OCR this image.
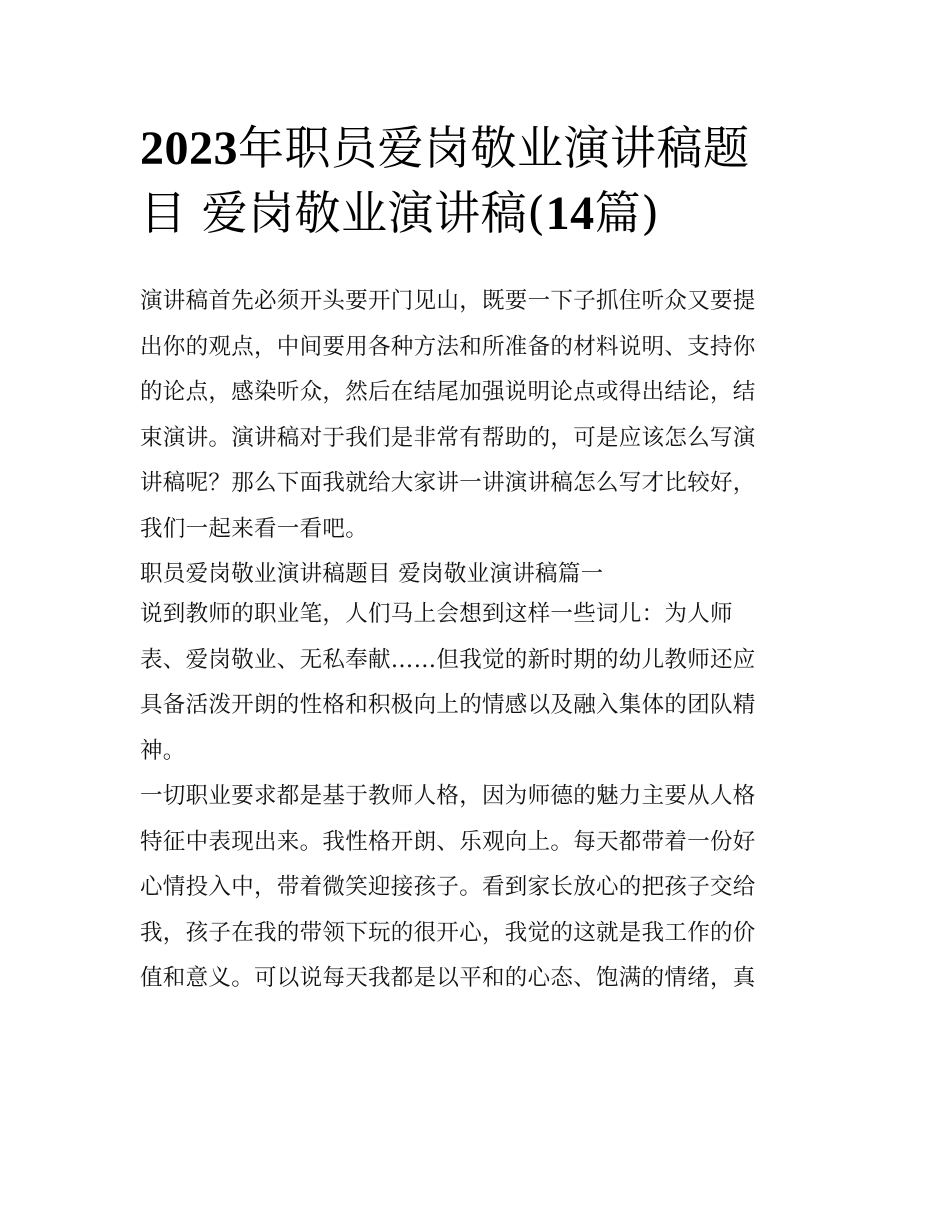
2023年职员爱岗敬业演讲稿题
目 爱岗敬业演讲稿(14篇)
演讲稿首先必须开头要开门见山，既要一下子抓住听众又要提
出你的观点，中间要用各种方法和所准备的材料说明、支持你
的论点，感染听众，然后在结尾加强说明论点或得出结论，结
束演讲。演讲稿对于我们是非常有帮助的，可是应该怎么写演
讲稿呢？那么下面我就给大家讲一讲演讲稿怎么写才比较好，
我们一起来看一看吧。
职员爱岗敬业演讲稿题目 爱岗敬业演讲稿篇一
说到教师的职业笔，人们马上会想到这样一些词儿：为人师
表、爱岗敬业、无私奉献……但我觉的新时期的幼儿教师还应
具备活泼开朗的性格和积极向上的情感以及融入集体的团队精
神。
一切职业要求都是基于教师人格，因为师德的魅力主要从人格
特征中表现出来。我性格开朗、乐观向上。每天都带着一份好
心情投入中，带着微笑迎接孩子。看到家长放心的把孩子交给
我，孩子在我的带领下玩的很开心，我觉的这就是我工作的价
值和意义。可以说每天我都是以平和的心态、饱满的情绪，真
